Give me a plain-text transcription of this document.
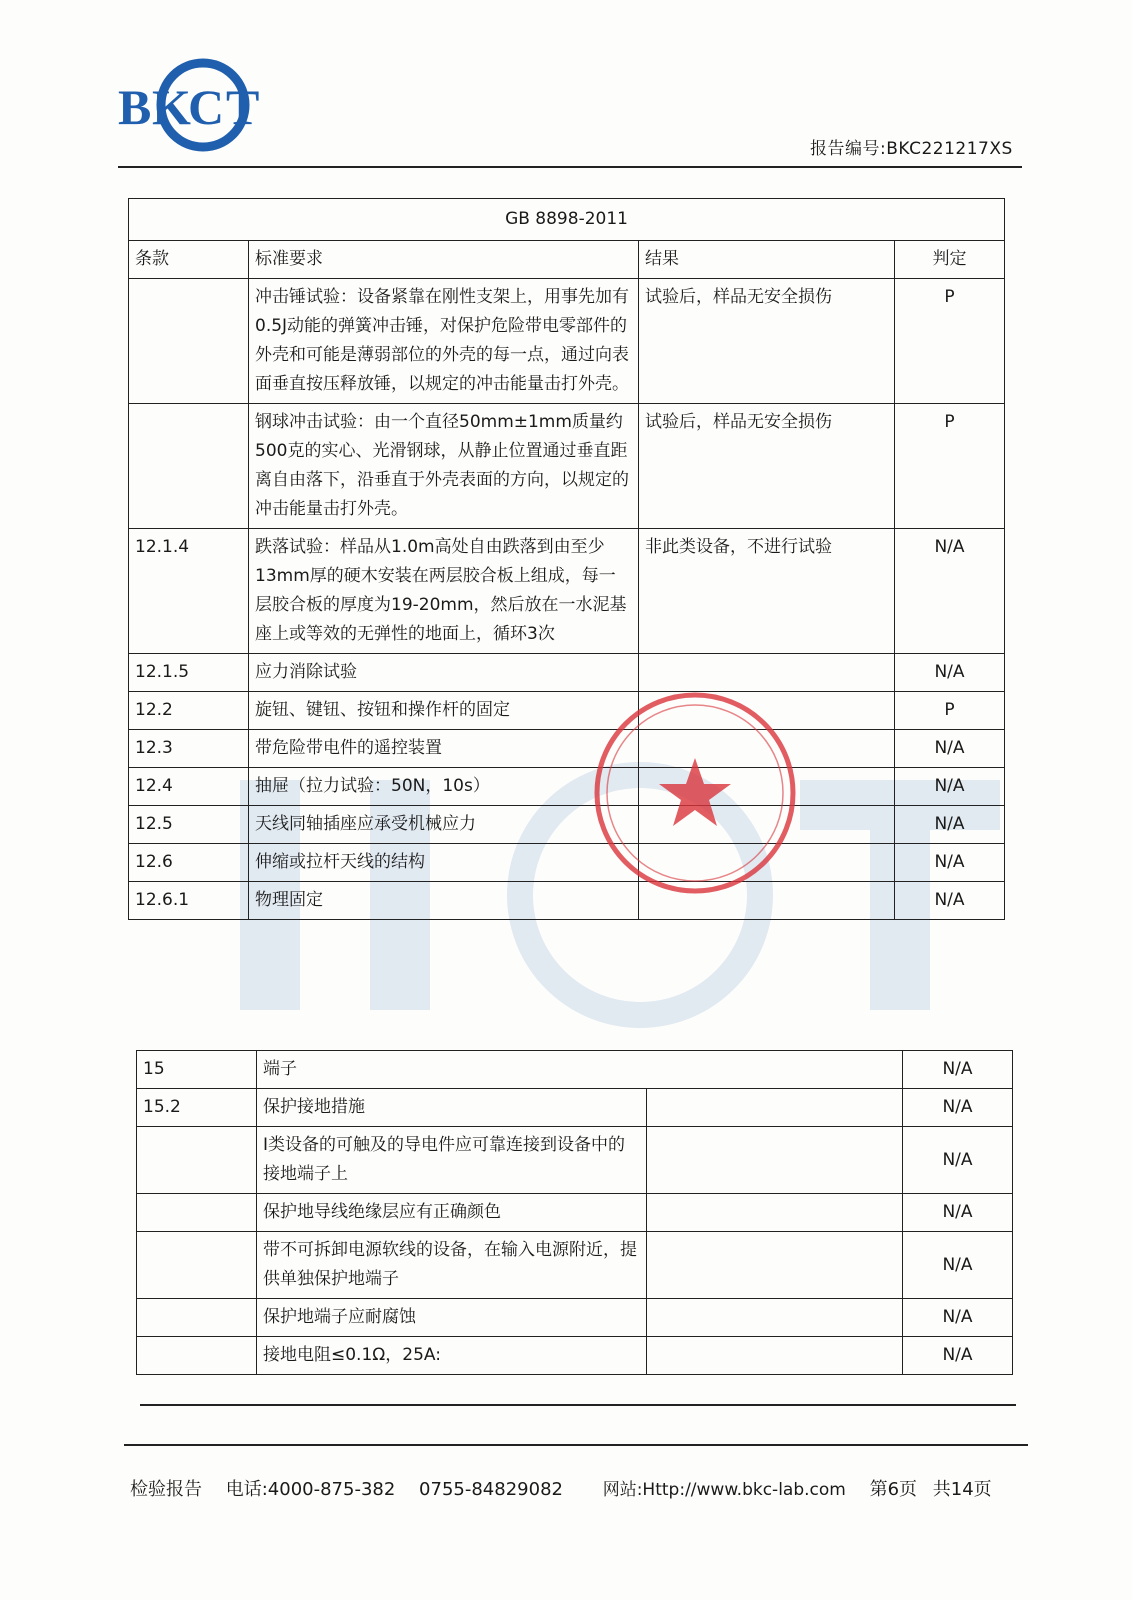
B K
C T
报告编号:BKC221217XS
GB 8898-2011			
条款	标准要求	结果	判定
	冲击锤试验：设备紧靠在刚性支架上，用事先加有0.5J动能的弹簧冲击锤，对保护危险带电零部件的外壳和可能是薄弱部位的外壳的每一点，通过向表面垂直按压释放锤，以规定的冲击能量击打外壳。	试验后，样品无安全损伤	P
	钢球冲击试验：由一个直径50mm±1mm质量约500克的实心、光滑钢球，从静止位置通过垂直距离自由落下，沿垂直于外壳表面的方向，以规定的冲击能量击打外壳。	试验后，样品无安全损伤	P
12.1.4	跌落试验：样品从1.0m高处自由跌落到由至少13mm厚的硬木安装在两层胶合板上组成，每一层胶合板的厚度为19-20mm，然后放在一水泥基座上或等效的无弹性的地面上，循环3次	非此类设备，不进行试验	N/A
12.1.5	应力消除试验		N/A
12.2	旋钮、键钮、按钮和操作杆的固定		P
12.3	带危险带电件的遥控装置		N/A
12.4	抽屉（拉力试验：50N，10s）		N/A
12.5	天线同轴插座应承受机械应力		N/A
12.6	伸缩或拉杆天线的结构		N/A
12.6.1	物理固定		N/A
15	端子		N/A
15.2	保护接地措施		N/A
	I类设备的可触及的导电件应可靠连接到设备中的接地端子上		N/A
	保护地导线绝缘层应有正确颜色		N/A
	带不可拆卸电源软线的设备，在输入电源附近，提供单独保护地端子		N/A
	保护地端子应耐腐蚀		N/A
	接地电阻≤0.1Ω，25A:		N/A
检验报告 电话:4000-875-382 0755-84829082 网站:Http://www.bkc-lab.com 第6页 共14页
